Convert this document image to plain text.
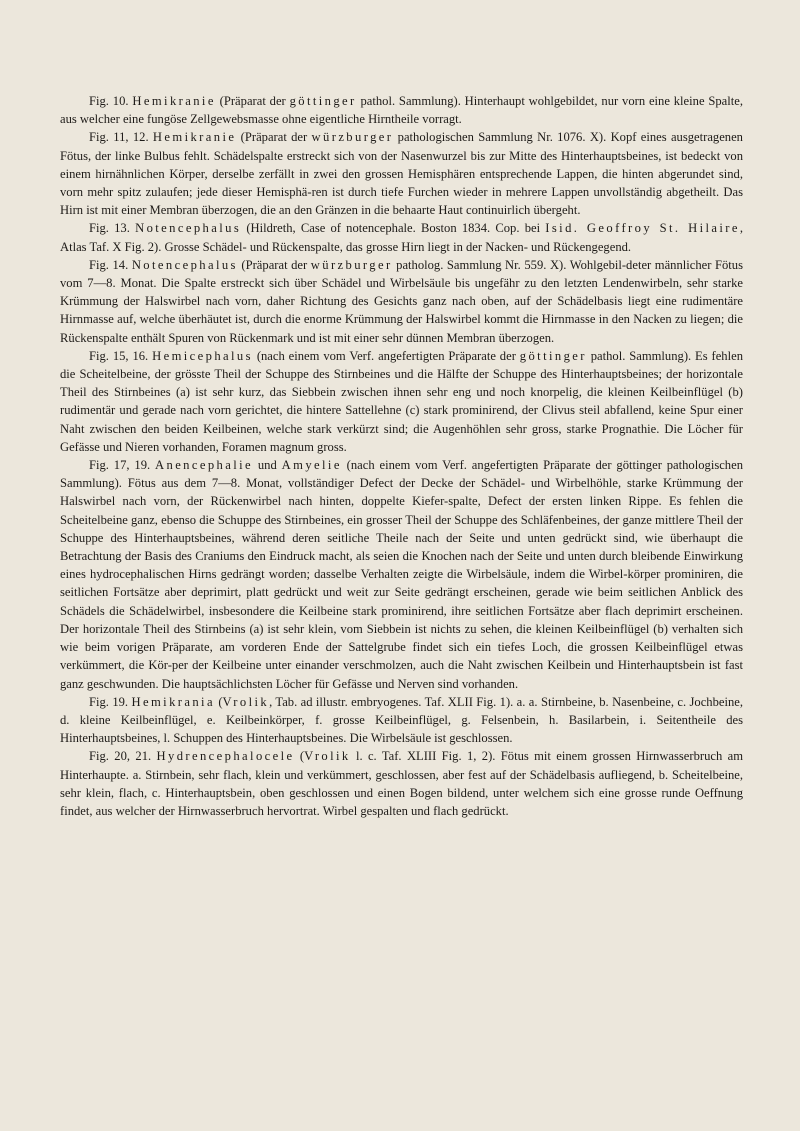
Fig. 10. Hemikranie (Präparat der göttinger pathol. Sammlung). Hinterhaupt wohlgebildet, nur vorn eine kleine Spalte, aus welcher eine fungöse Zellgewebsmasse ohne eigentliche Hirntheile vorragt.

Fig. 11, 12. Hemikranie (Präparat der würzburger pathologischen Sammlung Nr. 1076. X). Kopf eines ausgetragenen Fötus, der linke Bulbus fehlt. Schädelspalte erstreckt sich von der Nasenwurzel bis zur Mitte des Hinterhauptsbeines, ist bedeckt von einem hirnähnlichen Körper, derselbe zerfällt in zwei den grossen Hemisphären entsprechende Lappen, die hinten abgerundet sind, vorn mehr spitz zulaufen; jede dieser Hemisphä-ren ist durch tiefe Furchen wieder in mehrere Lappen unvollständig abgetheilt. Das Hirn ist mit einer Membran überzogen, die an den Gränzen in die behaarte Haut continuirlich übergeht.

Fig. 13. Notencephalus (Hildreth, Case of notencephale. Boston 1834. Cop. bei Isid. Geoffroy St. Hilaire, Atlas Taf. X Fig. 2). Grosse Schädel- und Rückenspalte, das grosse Hirn liegt in der Nacken- und Rückengegend.

Fig. 14. Notencephalus (Präparat der würzburger patholog. Sammlung Nr. 559. X). Wohlgebil-deter männlicher Fötus vom 7—8. Monat. Die Spalte erstreckt sich über Schädel und Wirbelsäule bis ungefähr zu den letzten Lendenwirbeln, sehr starke Krümmung der Halswirbel nach vorn, daher Richtung des Gesichts ganz nach oben, auf der Schädelbasis liegt eine rudimentäre Hirnmasse auf, welche überhäutet ist, durch die enorme Krümmung der Halswirbel kommt die Hirnmasse in den Nacken zu liegen; die Rückenspalte enthält Spuren von Rückenmark und ist mit einer sehr dünnen Membran überzogen.

Fig. 15, 16. Hemicephalus (nach einem vom Verf. angefertigten Präparate der göttinger pathol. Sammlung). Es fehlen die Scheitelbeine, der grösste Theil der Schuppe des Stirnbeines und die Hälfte der Schuppe des Hinterhauptsbeines; der horizontale Theil des Stirnbeines (a) ist sehr kurz, das Siebbein zwischen ihnen sehr eng und noch knorpelig, die kleinen Keilbeinflügel (b) rudimentär und gerade nach vorn gerichtet, die hintere Sattellehne (c) stark prominirend, der Clivus steil abfallend, keine Spur einer Naht zwischen den beiden Keilbeinen, welche stark verkürzt sind; die Augenhöhlen sehr gross, starke Prognathie. Die Löcher für Gefässe und Nieren vorhanden, Foramen magnum gross.

Fig. 17, 19. Anencephalie und Amyelie (nach einem vom Verf. angefertigten Präparate der göttinger pathologischen Sammlung). Fötus aus dem 7—8. Monat, vollständiger Defect der Decke der Schädel- und Wirbelhöhle, starke Krümmung der Halswirbel nach vorn, der Rückenwirbel nach hinten, doppelte Kiefer-spalte, Defect der ersten linken Rippe. Es fehlen die Scheitelbeine ganz, ebenso die Schuppe des Stirnbeines, ein grosser Theil der Schuppe des Schläfenbeines, der ganze mittlere Theil der Schuppe des Hinterhauptsbeines, während deren seitliche Theile nach der Seite und unten gedrückt sind, wie überhaupt die Betrachtung der Basis des Craniums den Eindruck macht, als seien die Knochen nach der Seite und unten durch bleibende Einwirkung eines hydrocephalischen Hirns gedrängt worden; dasselbe Verhalten zeigte die Wirbelsäule, indem die Wirbel-körper prominiren, die seitlichen Fortsätze aber deprimirt, platt gedrückt und weit zur Seite gedrängt erscheinen, gerade wie beim seitlichen Anblick des Schädels die Schädelwirbel, insbesondere die Keilbeine stark prominirend, ihre seitlichen Fortsätze aber flach deprimirt erscheinen. Der horizontale Theil des Stirnbeins (a) ist sehr klein, vom Siebbein ist nichts zu sehen, die kleinen Keilbeinflügel (b) verhalten sich wie beim vorigen Präparate, am vorderen Ende der Sattelgrube findet sich ein tiefes Loch, die grossen Keilbeinflügel etwas verkümmert, die Kör-per der Keilbeine unter einander verschmolzen, auch die Naht zwischen Keilbein und Hinterhauptsbein ist fast ganz geschwunden. Die hauptsächlichsten Löcher für Gefässe und Nerven sind vorhanden.

Fig. 19. Hemikrania (Vrolik, Tab. ad illustr. embryogenes. Taf. XLII Fig. 1). a. a. Stirnbeine, b. Nasenbeine, c. Jochbeine, d. kleine Keilbeinflügel, e. Keilbeinkörper, f. grosse Keilbeinflügel, g. Felsenbein, h. Basilarbein, i. Seitentheile des Hinterhauptsbeines, l. Schuppen des Hinterhauptsbeines. Die Wirbelsäule ist geschlossen.

Fig. 20, 21. Hydrencephalocele (Vrolik l. c. Taf. XLIII Fig. 1, 2). Fötus mit einem grossen Hirnwasserbruch am Hinterhaupte. a. Stirnbein, sehr flach, klein und verkümmert, geschlossen, aber fest auf der Schädelbasis aufliegend, b. Scheitelbeine, sehr klein, flach, c. Hinterhauptsbein, oben geschlossen und einen Bogen bildend, unter welchem sich eine grosse runde Oeffnung findet, aus welcher der Hirnwasserbruch hervortrat. Wirbel gespalten und flach gedrückt.
